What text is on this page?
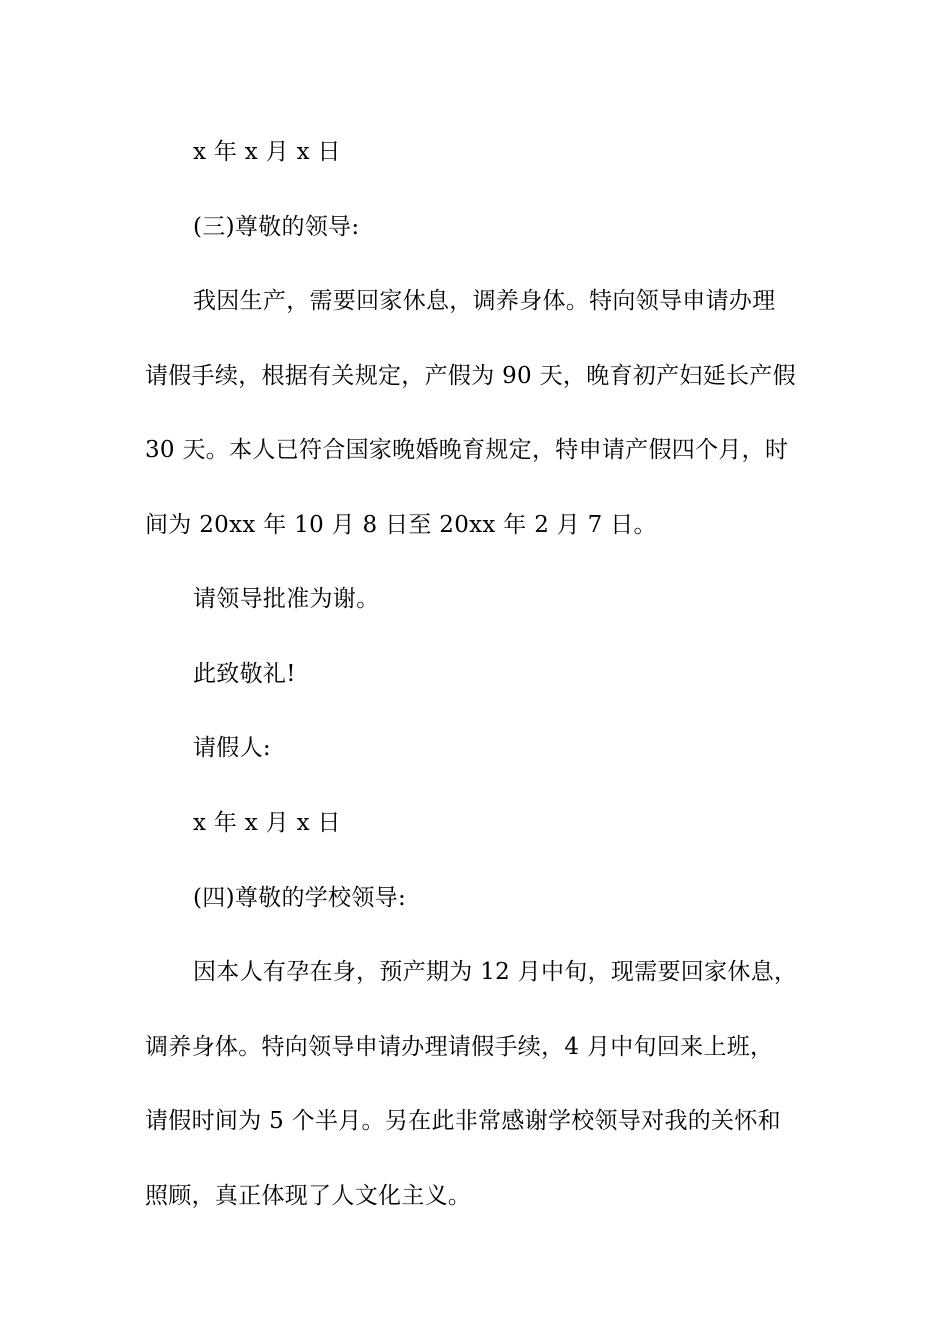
x 年 x 月 x 日
(三)尊敬的领导:
我因生产，需要回家休息，调养身体。特向领导申请办理
请假手续，根据有关规定，产假为 90 天，晚育初产妇延长产假
30 天。本人已符合国家晚婚晚育规定，特申请产假四个月，时
间为 20xx 年 10 月 8 日至 20xx 年 2 月 7 日。
请领导批准为谢。
此致敬礼!
请假人:
x 年 x 月 x 日
(四)尊敬的学校领导:
因本人有孕在身，预产期为 12 月中旬，现需要回家休息，
调养身体。特向领导申请办理请假手续，4 月中旬回来上班，
请假时间为 5 个半月。另在此非常感谢学校领导对我的关怀和
照顾，真正体现了人文化主义。
